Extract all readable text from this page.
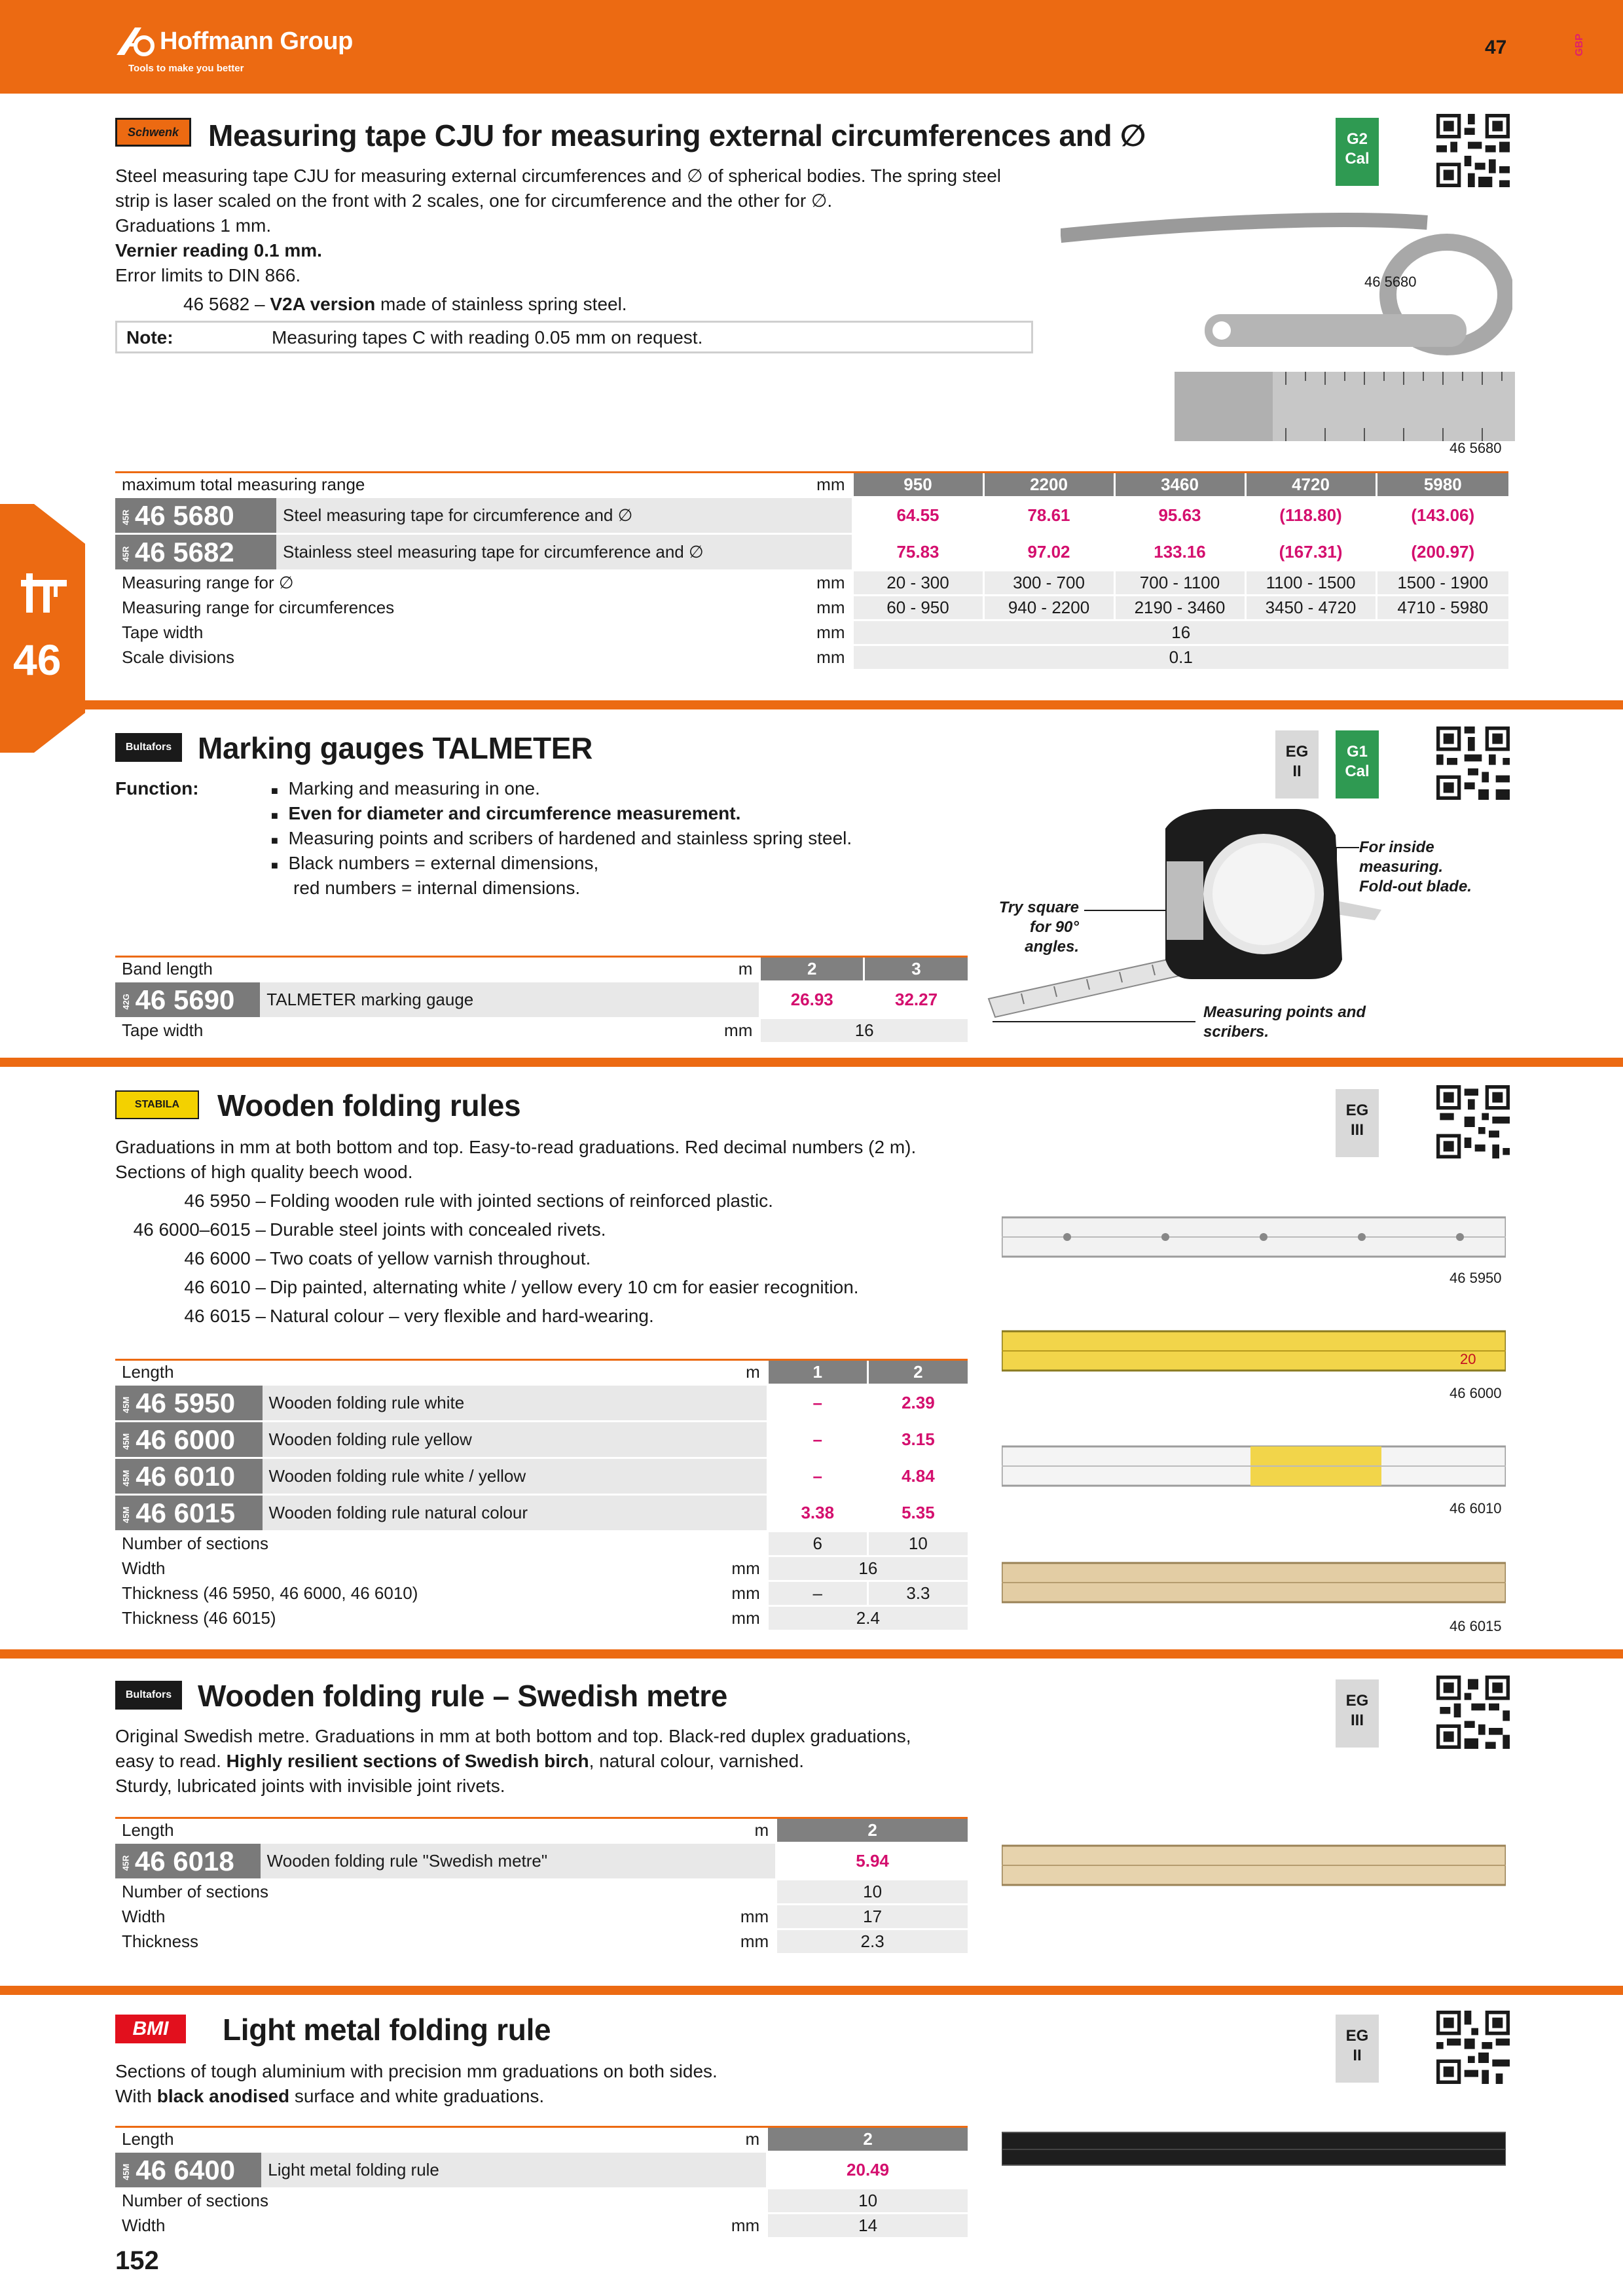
Hoffmann Group
Tools to make you better
47	GBP
46
Schwenk Measuring tape CJU for measuring external circumferences and ∅
Steel measuring tape CJU for measuring external circumferences and ∅ of spherical bodies. The spring steel
strip is laser scaled on the front with 2 scales, one for circumference and the other for ∅.
Graduations 1 mm.
Vernier reading 0.1 mm.
Error limits to DIN 866.
46 5682 – V2A version made of stainless spring steel.
Note:	Measuring tapes C with reading 0.05 mm on request.
G2
Cal
46 5680
46 5680
maximum total measuring range		mm	950	2200	3460	4720	5980
45R 46 5680	Steel measuring tape for circumference and ∅		64.55	78.61	95.63	(118.80)	(143.06)
45R 46 5682	Stainless steel measuring tape for circumference and ∅		75.83	97.02	133.16	(167.31)	(200.97)
Measuring range for ∅		mm	20 - 300	300 - 700	700 - 1100	1100 - 1500	1500 - 1900
Measuring range for circumferences		mm	60 - 950	940 - 2200	2190 - 3460	3450 - 4720	4710 - 5980
Tape width		mm	16				
Scale divisions		mm	0.1				
Bultafors Marking gauges TALMETER
Function:	■ Marking and measuring in one.
■ Even for diameter and circumference measurement.
■ Measuring points and scribers of hardened and stainless spring steel.
■ Black numbers = external dimensions,
red numbers = internal dimensions.
EG
II
G1
Cal
For inside
measuring.
Fold-out blade.
Try square
for 90° angles.
Measuring points and
scribers.
Band length		m	2	3
42G 46 5690	TALMETER marking gauge		26.93	32.27
Tape width		mm	16	
STABILA	Wooden folding rules
Graduations in mm at both bottom and top. Easy-to-read graduations. Red decimal numbers (2 m).
Sections of high quality beech wood.
46 5950 – Folding wooden rule with jointed sections of reinforced plastic.
46 6000–6015 – Durable steel joints with concealed rivets.
46 6000 – Two coats of yellow varnish throughout.
46 6010 – Dip painted, alternating white / yellow every 10 cm for easier recognition.
46 6015 – Natural colour – very flexible and hard-wearing.
EG
III
46 5950
20
46 6000
46 6010
46 6015
Length		m	1	2
45M 46 5950	Wooden folding rule white		–	2.39
45M 46 6000	Wooden folding rule yellow		–	3.15
45M 46 6010	Wooden folding rule white / yellow		–	4.84
45M 46 6015	Wooden folding rule natural colour		3.38	5.35
Number of sections			6	10
Width		mm	16	
Thickness (46 5950, 46 6000, 46 6010)		mm	–	3.3
Thickness (46 6015)		mm	2.4	
Bultafors Wooden folding rule – Swedish metre
Original Swedish metre. Graduations in mm at both bottom and top. Black-red duplex graduations,
easy to read. Highly resilient sections of Swedish birch, natural colour, varnished.
Sturdy, lubricated joints with invisible joint rivets.
EG
III
Length		m	2
45R 46 6018	Wooden folding rule "Swedish metre"		5.94
Number of sections			10
Width		mm	17
Thickness		mm	2.3
BMI	Light metal folding rule
Sections of tough aluminium with precision mm graduations on both sides.
With black anodised surface and white graduations.
EG
II
Length		m	2
45M 46 6400	Light metal folding rule		20.49
Number of sections			10
Width		mm	14
152
